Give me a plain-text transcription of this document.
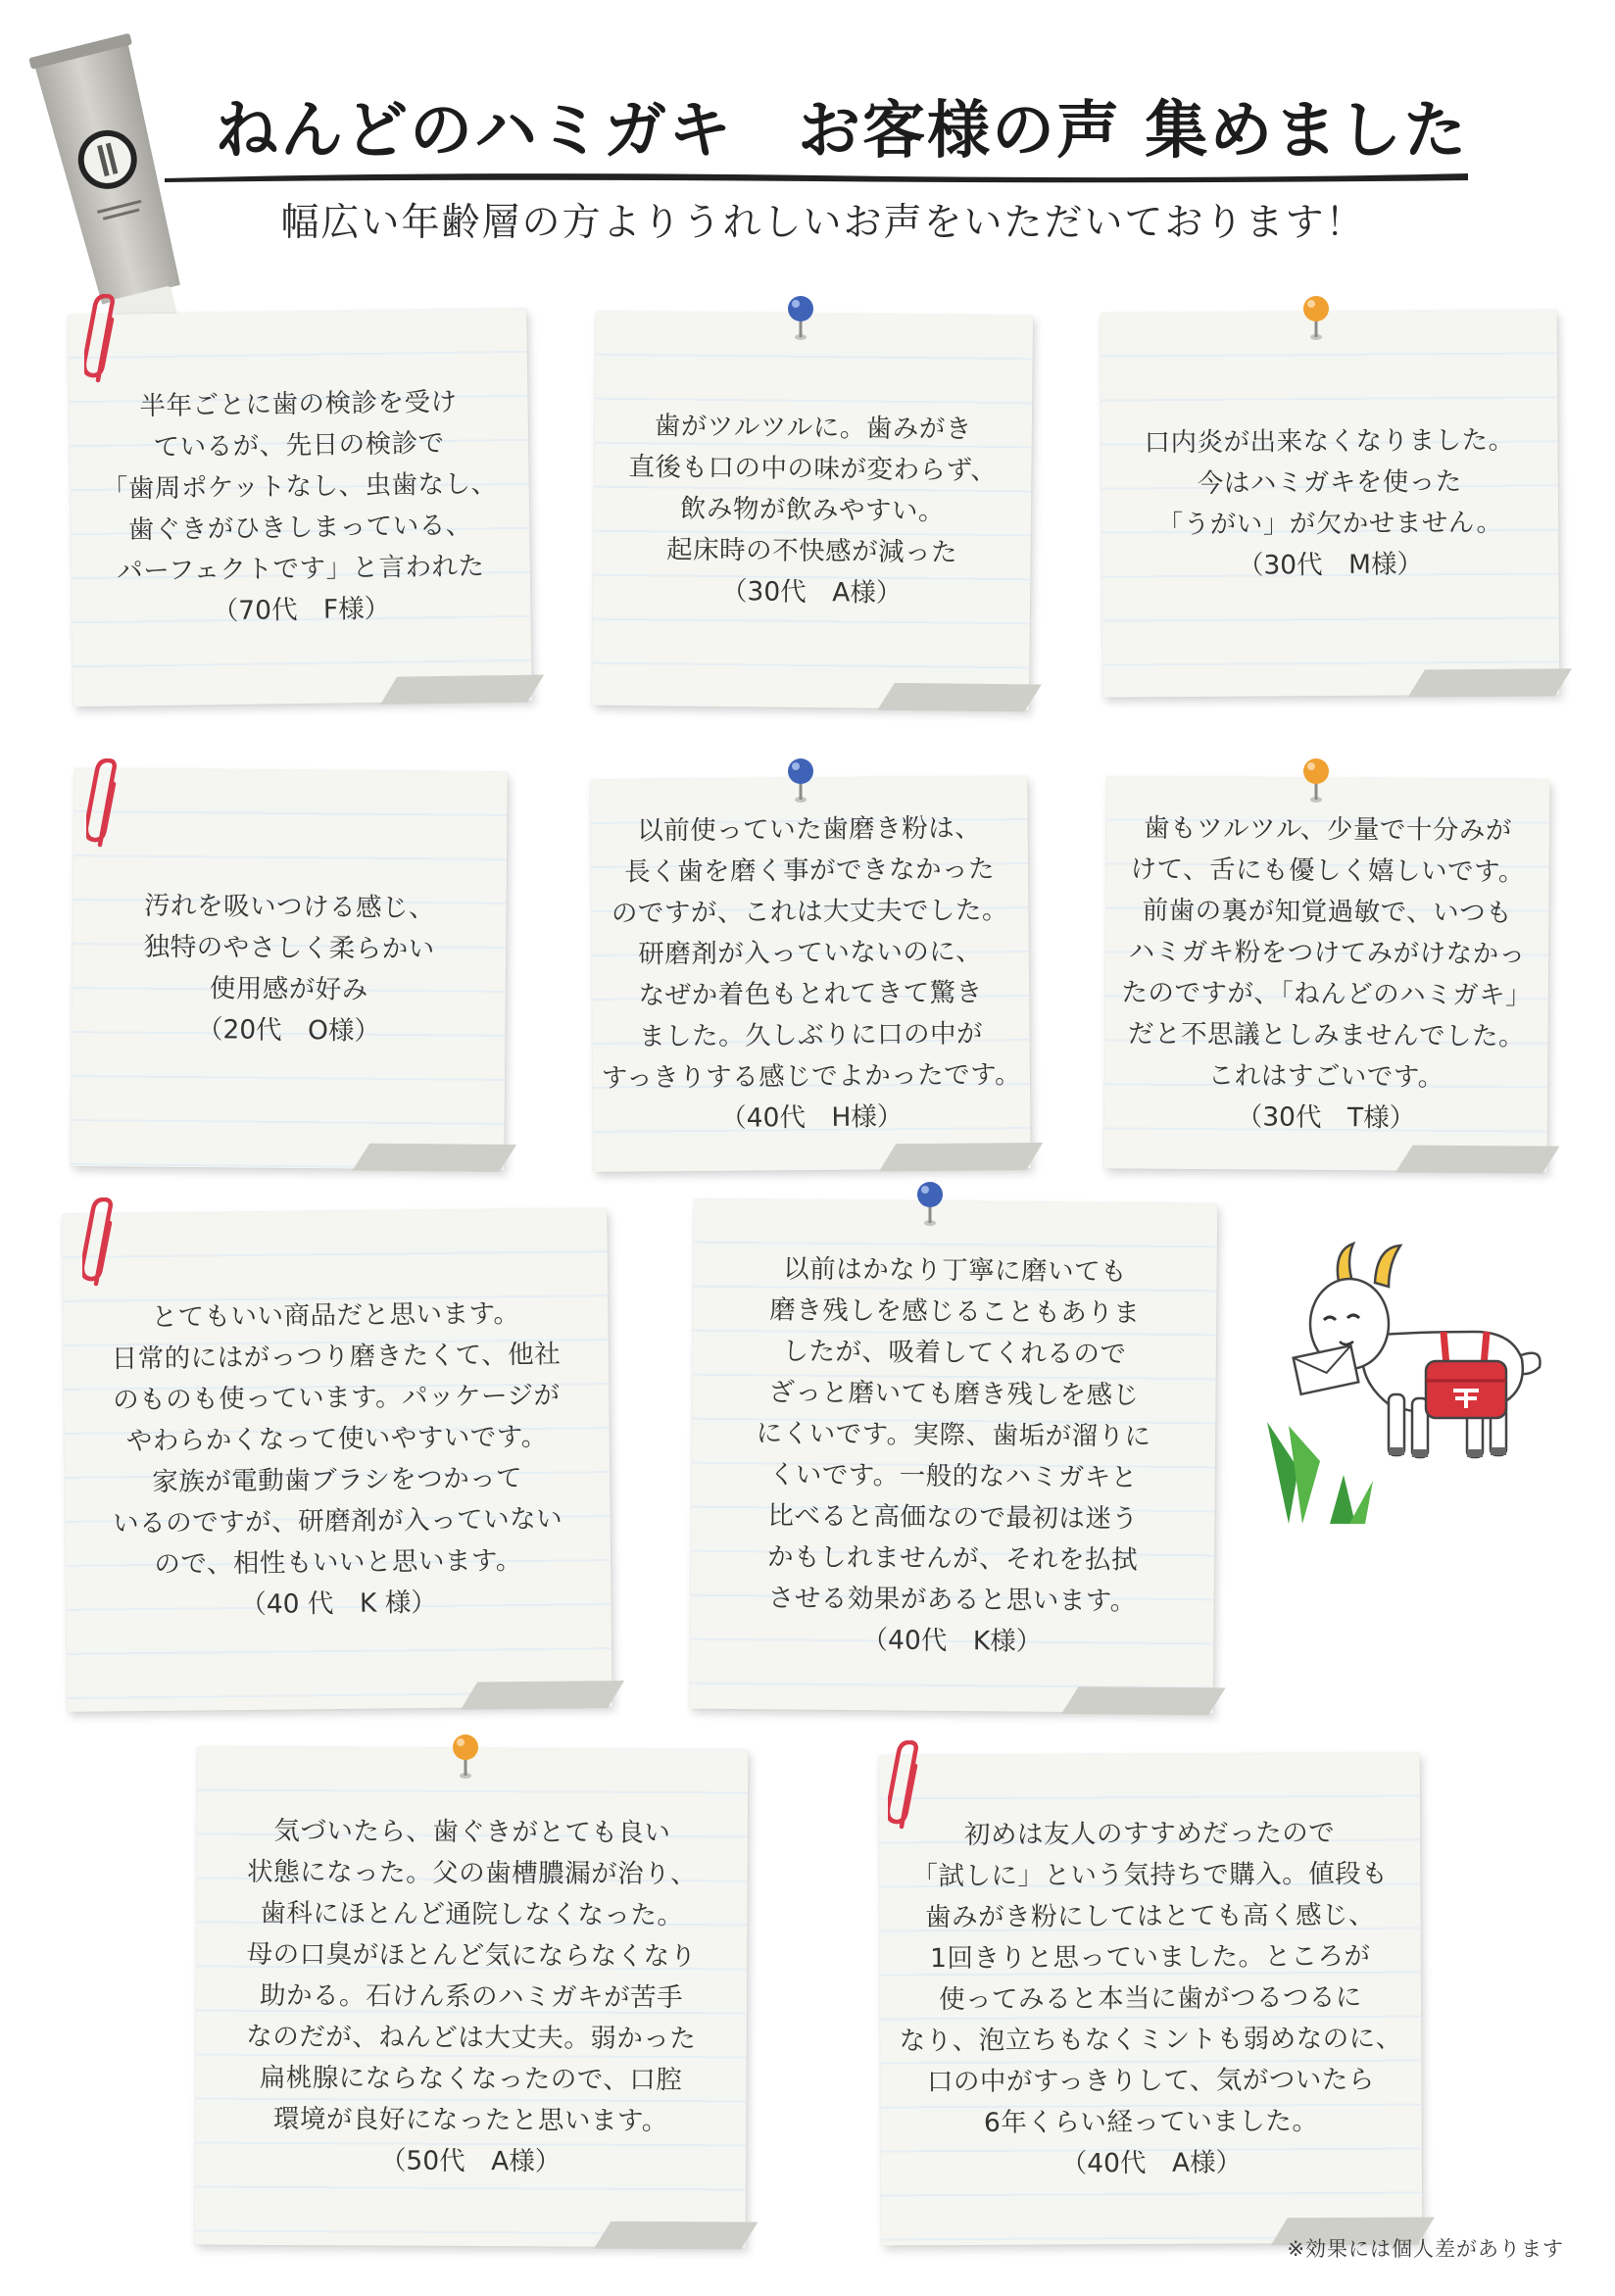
ねんどのハミガキ　お客様の声 集めました

幅広い年齢層の方よりうれしいお声をいただいております！

半年ごとに歯の検診を受け
ているが、先日の検診で
「歯周ポケットなし、虫歯なし、
歯ぐきがひきしまっている、
パーフェクトです」と言われた
（70代　F様）
歯がツルツルに。歯みがき
直後も口の中の味が変わらず、
飲み物が飲みやすい。
起床時の不快感が減った
（30代　A様）
口内炎が出来なくなりました。
今はハミガキを使った
「うがい」が欠かせません。
（30代　M様）
汚れを吸いつける感じ、
独特のやさしく柔らかい
使用感が好み
（20代　O様）
以前使っていた歯磨き粉は、
長く歯を磨く事ができなかった
のですが、これは大丈夫でした。
研磨剤が入っていないのに、
なぜか着色もとれてきて驚き
ました。久しぶりに口の中が
すっきりする感じでよかったです。
（40代　H様）
歯もツルツル、少量で十分みが
けて、舌にも優しく嬉しいです。
前歯の裏が知覚過敏で、いつも
ハミガキ粉をつけてみがけなかっ
たのですが、「ねんどのハミガキ」
だと不思議としみませんでした。
これはすごいです。
（30代　T様）
とてもいい商品だと思います。
日常的にはがっつり磨きたくて、他社
のものも使っています。パッケージが
やわらかくなって使いやすいです。
家族が電動歯ブラシをつかって
いるのですが、研磨剤が入っていない
ので、相性もいいと思います。
（40 代　K 様）
以前はかなり丁寧に磨いても
磨き残しを感じることもありま
したが、吸着してくれるので
ざっと磨いても磨き残しを感じ
にくいです。実際、歯垢が溜りに
くいです。一般的なハミガキと
比べると高価なので最初は迷う
かもしれませんが、それを払拭
させる効果があると思います。
（40代　K様）
気づいたら、歯ぐきがとても良い
状態になった。父の歯槽膿漏が治り、
歯科にほとんど通院しなくなった。
母の口臭がほとんど気にならなくなり
助かる。石けん系のハミガキが苦手
なのだが、ねんどは大丈夫。弱かった
扁桃腺にならなくなったので、口腔
環境が良好になったと思います。
（50代　A様）
初めは友人のすすめだったので
「試しに」という気持ちで購入。値段も
歯みがき粉にしてはとても高く感じ、
1回きりと思っていました。ところが
使ってみると本当に歯がつるつるに
なり、泡立ちもなくミントも弱めなのに、
口の中がすっきりして、気がついたら
6年くらい経っていました。
（40代　A様）

※効果には個人差があります
